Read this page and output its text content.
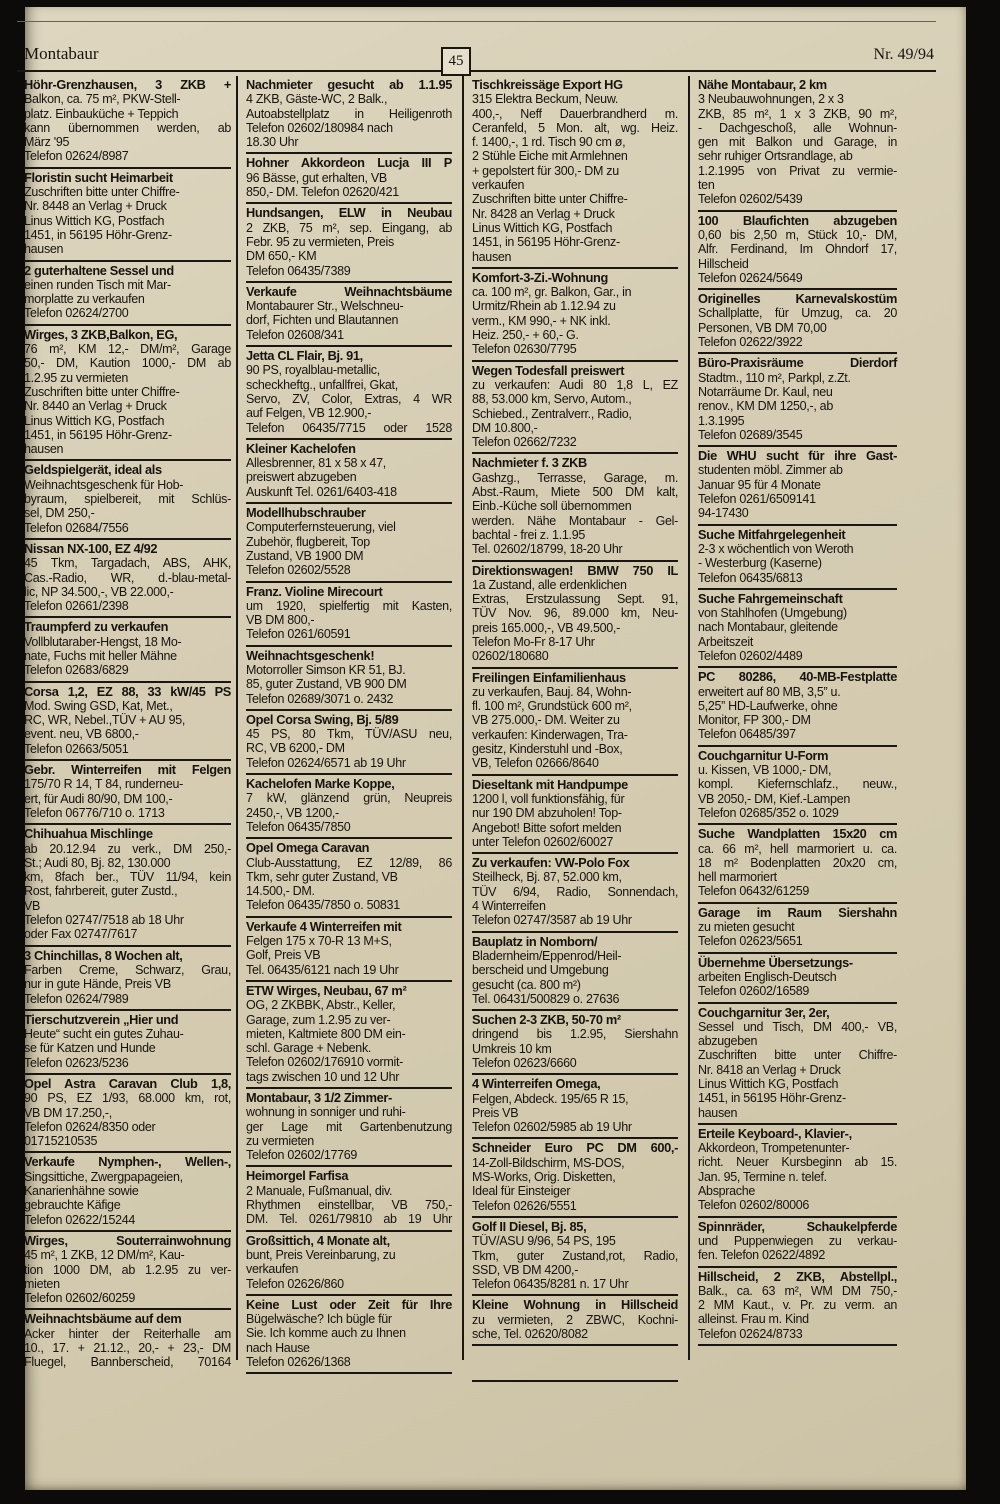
Montabaur	45	Nr. 49/94
Höhr-Grenzhausen, 3 ZKB +
Balkon, ca. 75 m², PKW-Stell-
platz. Einbauküche + Teppich
kann übernommen werden, ab
März '95
Telefon 02624/8987
Floristin sucht Heimarbeit
Zuschriften bitte unter Chiffre-
Nr. 8448 an Verlag + Druck
Linus Wittich KG, Postfach
1451, in 56195 Höhr-Grenz-
hausen
2 guterhaltene Sessel und
einen runden Tisch mit Mar-
morplatte zu verkaufen
Telefon 02624/2700
Wirges, 3 ZKB,Balkon, EG,
76 m², KM 12,- DM/m², Garage
50,- DM, Kaution 1000,- DM ab
1.2.95 zu vermieten
Zuschriften bitte unter Chiffre-
Nr. 8440 an Verlag + Druck
Linus Wittich KG, Postfach
1451, in 56195 Höhr-Grenz-
hausen
Geldspielgerät, ideal als
Weihnachtsgeschenk für Hob-
byraum, spielbereit, mit Schlüs-
sel, DM 250,-
Telefon 02684/7556
Nissan NX-100, EZ 4/92
45 Tkm, Targadach, ABS, AHK,
Cas.-Radio, WR, d.-blau-metal-
lic, NP 34.500,-, VB 22.000,-
Telefon 02661/2398
Traumpferd zu verkaufen
Vollblutaraber-Hengst, 18 Mo-
nate, Fuchs mit heller Mähne
Telefon 02683/6829
Corsa 1,2, EZ 88, 33 kW/45 PS
Mod. Swing GSD, Kat, Met.,
RC, WR, Nebel.,TÜV + AU 95,
event. neu, VB 6800,-
Telefon 02663/5051
Gebr. Winterreifen mit Felgen
175/70 R 14, T 84, runderneu-
ert, für Audi 80/90, DM 100,-
Telefon 06776/710 o. 1713
Chihuahua Mischlinge
ab 20.12.94 zu verk., DM 250,-
St.; Audi 80, Bj. 82, 130.000
km, 8fach ber., TÜV 11/94, kein
Rost, fahrbereit, guter Zustd.,
VB
Telefon 02747/7518 ab 18 Uhr
oder Fax 02747/7617
3 Chinchillas, 8 Wochen alt,
Farben Creme, Schwarz, Grau,
nur in gute Hände, Preis VB
Telefon 02624/7989
Tierschutzverein „Hier und
Heute“ sucht ein gutes Zuhau-
se für Katzen und Hunde
Telefon 02623/5236
Opel Astra Caravan Club 1,8,
90 PS, EZ 1/93, 68.000 km, rot,
VB DM 17.250,-,
Telefon 02624/8350 oder
01715210535
Verkaufe Nymphen-, Wellen-,
Singsittiche, Zwergpapageien,
Kanarienhähne sowie
gebrauchte Käfige
Telefon 02622/15244
Wirges, Souterrainwohnung
45 m², 1 ZKB, 12 DM/m², Kau-
tion 1000 DM, ab 1.2.95 zu ver-
mieten
Telefon 02602/60259
Weihnachtsbäume auf dem
Acker hinter der Reiterhalle am
10., 17. + 21.12., 20,- + 23,- DM
Fluegel, Bannberscheid, 70164
Nachmieter gesucht ab 1.1.95
4 ZKB, Gäste-WC, 2 Balk.,
Autoabstellplatz in Heiligenroth
Telefon 02602/180984 nach
18.30 Uhr
Hohner Akkordeon Lucja III P
96 Bässe, gut erhalten, VB
850,- DM. Telefon 02620/421
Hundsangen, ELW in Neubau
2 ZKB, 75 m², sep. Eingang, ab
Febr. 95 zu vermieten, Preis
DM 650,- KM
Telefon 06435/7389
Verkaufe Weihnachtsbäume
Montabaurer Str., Welschneu-
dorf, Fichten und Blautannen
Telefon 02608/341
Jetta CL Flair, Bj. 91,
90 PS, royalblau-metallic,
scheckheftg., unfallfrei, Gkat,
Servo, ZV, Color, Extras, 4 WR
auf Felgen, VB 12.900,-
Telefon 06435/7715 oder 1528
Kleiner Kachelofen
Allesbrenner, 81 x 58 x 47,
preiswert abzugeben
Auskunft Tel. 0261/6403-418
Modellhubschrauber
Computerfernsteuerung, viel
Zubehör, flugbereit, Top
Zustand, VB 1900 DM
Telefon 02602/5528
Franz. Violine Mirecourt
um 1920, spielfertig mit Kasten,
VB DM 800,-
Telefon 0261/60591
Weihnachtsgeschenk!
Motorroller Simson KR 51, BJ.
85, guter Zustand, VB 900 DM
Telefon 02689/3071 o. 2432
Opel Corsa Swing, Bj. 5/89
45 PS, 80 Tkm, TÜV/ASU neu,
RC, VB 6200,- DM
Telefon 02624/6571 ab 19 Uhr
Kachelofen Marke Koppe,
7 kW, glänzend grün, Neupreis
2450,-, VB 1200,-
Telefon 06435/7850
Opel Omega Caravan
Club-Ausstattung, EZ 12/89, 86
Tkm, sehr guter Zustand, VB
14.500,- DM.
Telefon 06435/7850 o. 50831
Verkaufe 4 Winterreifen mit
Felgen 175 x 70-R 13 M+S,
Golf, Preis VB
Tel. 06435/6121 nach 19 Uhr
ETW Wirges, Neubau, 67 m²
OG, 2 ZKBBK, Abstr., Keller,
Garage, zum 1.2.95 zu ver-
mieten, Kaltmiete 800 DM ein-
schl. Garage + Nebenk.
Telefon 02602/176910 vormit-
tags zwischen 10 und 12 Uhr
Montabaur, 3 1/2 Zimmer-
wohnung in sonniger und ruhi-
ger Lage mit Gartenbenutzung
zu vermieten
Telefon 02602/17769
Heimorgel Farfisa
2 Manuale, Fußmanual, div.
Rhythmen einstellbar, VB 750,-
DM. Tel. 0261/79810 ab 19 Uhr
Großsittich, 4 Monate alt,
bunt, Preis Vereinbarung, zu
verkaufen
Telefon 02626/860
Keine Lust oder Zeit für Ihre
Bügelwäsche? Ich bügle für
Sie. Ich komme auch zu Ihnen
nach Hause
Telefon 02626/1368
Tischkreissäge Export HG
315 Elektra Beckum, Neuw.
400,-, Neff Dauerbrandherd m.
Ceranfeld, 5 Mon. alt, wg. Heiz.
f. 1400,-, 1 rd. Tisch 90 cm ø,
2 Stühle Eiche mit Armlehnen
+ gepolstert für 300,- DM zu
verkaufen
Zuschriften bitte unter Chiffre-
Nr. 8428 an Verlag + Druck
Linus Wittich KG, Postfach
1451, in 56195 Höhr-Grenz-
hausen
Komfort-3-Zi.-Wohnung
ca. 100 m², gr. Balkon, Gar., in
Urmitz/Rhein ab 1.12.94 zu
verm., KM 990,- + NK inkl.
Heiz. 250,- + 60,- G.
Telefon 02630/7795
Wegen Todesfall preiswert
zu verkaufen: Audi 80 1,8 L, EZ
88, 53.000 km, Servo, Autom.,
Schiebed., Zentralverr., Radio,
DM 10.800,-
Telefon 02662/7232
Nachmieter f. 3 ZKB
Gashzg., Terrasse, Garage, m.
Abst.-Raum, Miete 500 DM kalt,
Einb.-Küche soll übernommen
werden. Nähe Montabaur - Gel-
bachtal - frei z. 1.1.95
Tel. 02602/18799, 18-20 Uhr
Direktionswagen! BMW 750 IL
1a Zustand, alle erdenklichen
Extras, Erstzulassung Sept. 91,
TÜV Nov. 96, 89.000 km, Neu-
preis 165.000,-, VB 49.500,-
Telefon Mo-Fr 8-17 Uhr
02602/180680
Freilingen Einfamilienhaus
zu verkaufen, Bauj. 84, Wohn-
fl. 100 m², Grundstück 600 m²,
VB 275.000,- DM. Weiter zu
verkaufen: Kinderwagen, Tra-
gesitz, Kinderstuhl und -Box,
VB, Telefon 02666/8640
Dieseltank mit Handpumpe
1200 l, voll funktionsfähig, für
nur 190 DM abzuholen! Top-
Angebot! Bitte sofort melden
unter Telefon 02602/60027
Zu verkaufen: VW-Polo Fox
Steilheck, Bj. 87, 52.000 km,
TÜV 6/94, Radio, Sonnendach,
4 Winterreifen
Telefon 02747/3587 ab 19 Uhr
Bauplatz in Nomborn/
Bladernheim/Eppenrod/Heil-
berscheid und Umgebung
gesucht (ca. 800 m²)
Tel. 06431/500829 o. 27636
Suchen 2-3 ZKB, 50-70 m²
dringend bis 1.2.95, Siershahn
Umkreis 10 km
Telefon 02623/6660
4 Winterreifen Omega,
Felgen, Abdeck. 195/65 R 15,
Preis VB
Telefon 02602/5985 ab 19 Uhr
Schneider Euro PC DM 600,-
14-Zoll-Bildschirm, MS-DOS,
MS-Works, Orig. Disketten,
Ideal für Einsteiger
Telefon 02626/5551
Golf II Diesel, Bj. 85,
TÜV/ASU 9/96, 54 PS, 195
Tkm, guter Zustand,rot, Radio,
SSD, VB DM 4200,-
Telefon 06435/8281 n. 17 Uhr
Kleine Wohnung in Hillscheid
zu vermieten, 2 ZBWC, Kochni-
sche, Tel. 02620/8082
Nähe Montabaur, 2 km
3 Neubauwohnungen, 2 x 3
ZKB, 85 m², 1 x 3 ZKB, 90 m²,
- Dachgeschoß, alle Wohnun-
gen mit Balkon und Garage, in
sehr ruhiger Ortsrandlage, ab
1.2.1995 von Privat zu vermie-
ten
Telefon 02602/5439
100 Blaufichten abzugeben
0,60 bis 2,50 m, Stück 10,- DM,
Alfr. Ferdinand, Im Ohndorf 17,
Hillscheid
Telefon 02624/5649
Originelles Karnevalskostüm
Schallplatte, für Umzug, ca. 20
Personen, VB DM 70,00
Telefon 02622/3922
Büro-Praxisräume Dierdorf
Stadtm., 110 m², Parkpl, z.Zt.
Notarräume Dr. Kaul, neu
renov., KM DM 1250,-, ab
1.3.1995
Telefon 02689/3545
Die WHU sucht für ihre Gast-
studenten möbl. Zimmer ab
Januar 95 für 4 Monate
Telefon 0261/6509141
94-17430
Suche Mitfahrgelegenheit
2-3 x wöchentlich von Weroth
- Westerburg (Kaserne)
Telefon 06435/6813
Suche Fahrgemeinschaft
von Stahlhofen (Umgebung)
nach Montabaur, gleitende
Arbeitszeit
Telefon 02602/4489
PC 80286, 40-MB-Festplatte
erweitert auf 80 MB, 3,5” u.
5,25” HD-Laufwerke, ohne
Monitor, FP 300,- DM
Telefon 06485/397
Couchgarnitur U-Form
u. Kissen, VB 1000,- DM,
kompl. Kiefernschlafz., neuw.,
VB 2050,- DM, Kief.-Lampen
Telefon 02685/352 o. 1029
Suche Wandplatten 15x20 cm
ca. 66 m², hell marmoriert u. ca.
18 m² Bodenplatten 20x20 cm,
hell marmoriert
Telefon 06432/61259
Garage im Raum Siershahn
zu mieten gesucht
Telefon 02623/5651
Übernehme Übersetzungs-
arbeiten Englisch-Deutsch
Telefon 02602/16589
Couchgarnitur 3er, 2er,
Sessel und Tisch, DM 400,- VB,
abzugeben
Zuschriften bitte unter Chiffre-
Nr. 8418 an Verlag + Druck
Linus Wittich KG, Postfach
1451, in 56195 Höhr-Grenz-
hausen
Erteile Keyboard-, Klavier-,
Akkordeon, Trompetenunter-
richt. Neuer Kursbeginn ab 15.
Jan. 95, Termine n. telef.
Absprache
Telefon 02602/80006
Spinnräder, Schaukelpferde
und Puppenwiegen zu verkau-
fen. Telefon 02622/4892
Hillscheid, 2 ZKB, Abstellpl.,
Balk., ca. 63 m², WM DM 750,-
2 MM Kaut., v. Pr. zu verm. an
alleinst. Frau m. Kind
Telefon 02624/8733
